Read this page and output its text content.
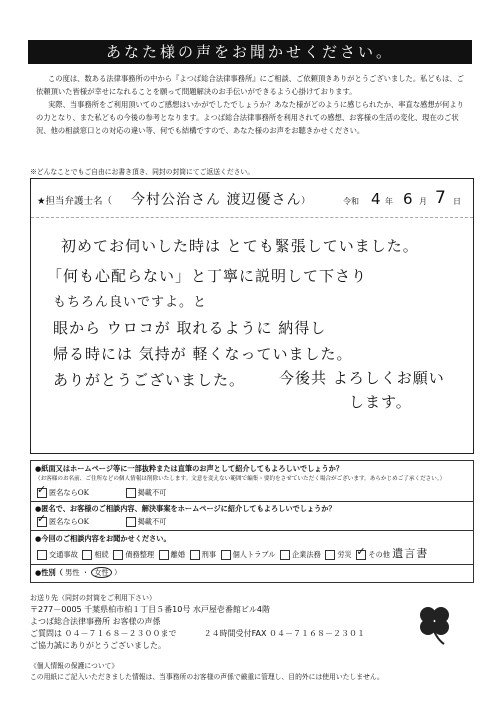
あなた様の声をお聞かせください。

この度は、数ある法律事務所の中から『よつば総合法律事務所』にご相談、ご依頼頂きありがとうございました。私どもは、ご依頼頂いた皆様が幸せになれることを願って問題解決のお手伝いができるよう心掛けております。

実際、当事務所をご利用頂いてのご感想はいかがでしたでしょうか？あなた様がどのように感じられたか、率直な感想が何よりの力となり、また私どもの今後の参考となります。よつば総合法律事務所を利用されての感想、お客様の生活の変化、現在のご状況、他の相談窓口との対応の違い等、何でも結構ですので、あなた様のお声をお聴きかせください。

※どんなことでもご自由にお書き頂き、同封の封筒にてご返送ください。
★担当弁護士名（ 今村公治さん 渡辺優さん ）	令和 4 年 6 月 7 日
初めてお伺いした時は とても緊張していました。
「何も心配らない」と丁寧に説明して下さり
もちろん良いですよ。と
眼から ウロコが 取れるように 納得し
帰る時には 気持が 軽くなっていました。
ありがとうございました。 今後共 よろしくお願い
します。
●紙面又はホームページ等に一部抜粋または直筆のお声として紹介してもよろしいでしょうか？
（お客様のお名前、ご住所などの個人情報は削除いたします。文意を変えない範囲で編集・要約をさせていただく場合がございます。あらかじめご了承ください。）
✓匿名ならOK	掲載不可
●匿名で、お客様のご相談内容、解決事案をホームページに紹介してもよろしいでしょうか？
✓匿名ならOK	掲載不可
●今回のご相談内容をお聞かせください。
交通事故 相続 債務整理 離婚 刑事 個人トラブル 企業法務 労災  ✓ その他 遺言書
●性別（ 男性 ・ 女性 ）
お送り先（同封の封筒をご利用下さい）
〒277－0005 千葉県柏市柏１丁目５番10号 水戸屋壱番館ビル4階
よつば総合法律事務所 お客様の声係
ご質問は ０４－７１６８－２３００まで	２４時間受付FAX ０４－７１６８－２３０１
ご協力誠にありがとうございました。
《個人情報の保護について》
この用紙にご記入いただきました情報は、当事務所のお客様の声係で厳重に管理し、目的外には使用いたしません。
